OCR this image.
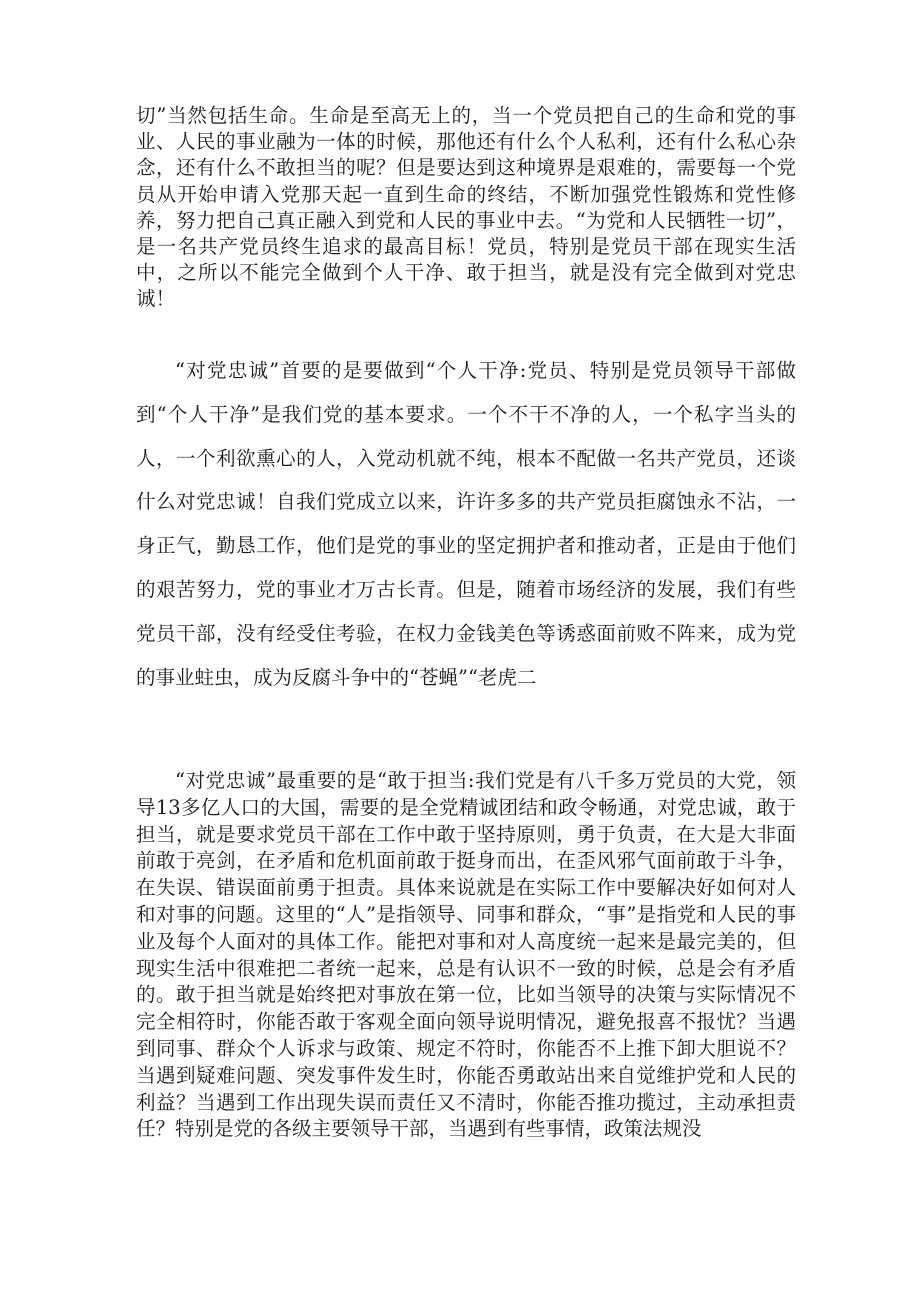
切”当然包括生命。生命是至高无上的，当一个党员把自己的生命和党的事业、人民的事业融为一体的时候，那他还有什么个人私利，还有什么私心杂念，还有什么不敢担当的呢？但是要达到这种境界是艰难的，需要每一个党员从开始申请入党那天起一直到生命的终结，不断加强党性锻炼和党性修养，努力把自己真正融入到党和人民的事业中去。“为党和人民牺牲一切”，是一名共产党员终生追求的最高目标！党员，特别是党员干部在现实生活中，之所以不能完全做到个人干净、敢于担当，就是没有完全做到对党忠诚！

“对党忠诚”首要的是要做到“个人干净:党员、特别是党员领导干部做到“个人干净”是我们党的基本要求。一个不干不净的人，一个私字当头的人，一个利欲熏心的人，入党动机就不纯，根本不配做一名共产党员，还谈什么对党忠诚！自我们党成立以来，许许多多的共产党员拒腐蚀永不沾，一身正气，勤恳工作，他们是党的事业的坚定拥护者和推动者，正是由于他们的艰苦努力，党的事业才万古长青。但是，随着市场经济的发展，我们有些党员干部，没有经受住考验，在权力金钱美色等诱惑面前败不阵来，成为党的事业蛀虫，成为反腐斗争中的“苍蝇”“老虎二

“对党忠诚”最重要的是“敢于担当:我们党是有八千多万党员的大党，领导13多亿人口的大国，需要的是全党精诚团结和政令畅通，对党忠诚，敢于担当，就是要求党员干部在工作中敢于坚持原则，勇于负责，在大是大非面前敢于亮剑，在矛盾和危机面前敢于挺身而出，在歪风邪气面前敢于斗争，在失误、错误面前勇于担责。具体来说就是在实际工作中要解决好如何对人和对事的问题。这里的“人”是指领导、同事和群众，“事”是指党和人民的事业及每个人面对的具体工作。能把对事和对人高度统一起来是最完美的，但现实生活中很难把二者统一起来，总是有认识不一致的时候，总是会有矛盾的。敢于担当就是始终把对事放在第一位，比如当领导的决策与实际情况不完全相符时，你能否敢于客观全面向领导说明情况，避免报喜不报忧？当遇到同事、群众个人诉求与政策、规定不符时，你能否不上推下卸大胆说不？当遇到疑难问题、突发事件发生时，你能否勇敢站出来自觉维护党和人民的利益？当遇到工作出现失误而责任又不清时，你能否推功揽过，主动承担责任？特别是党的各级主要领导干部，当遇到有些事情，政策法规没
